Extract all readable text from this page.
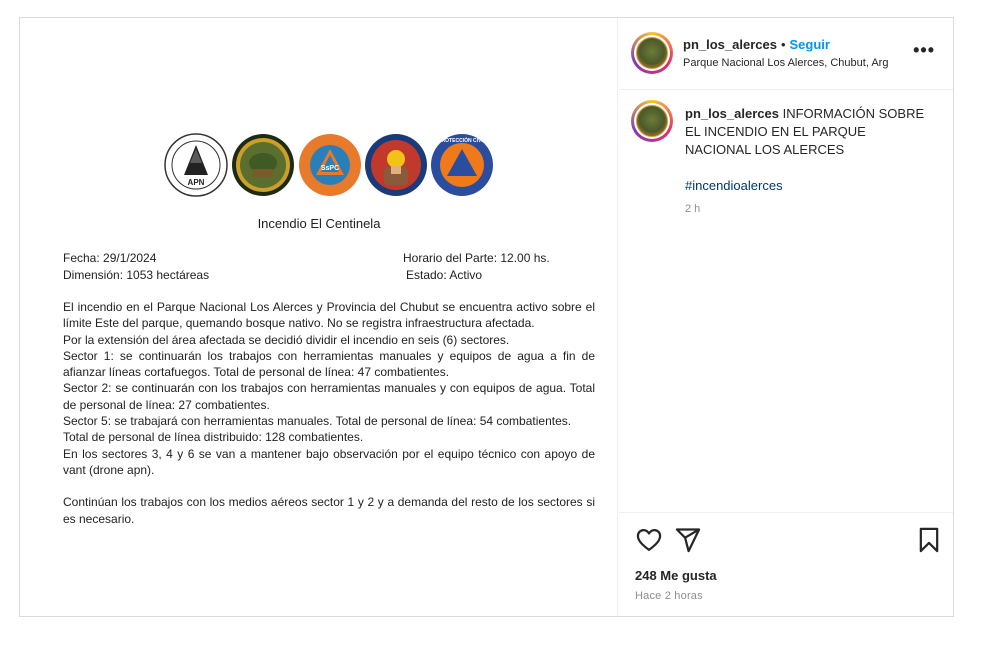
APN
SsPC
PROTECCIÓN CIVIL
Incendio El Centinela
Fecha: 29/1/2024	Horario del Parte: 12.00 hs.
Dimensión: 1053 hectáreas	Estado: Activo

El incendio en el Parque Nacional Los Alerces y Provincia del Chubut se encuentra activo sobre el límite Este del parque, quemando bosque nativo. No se registra infraestructura afectada.

Por la extensión del área afectada se decidió dividir el incendio en seis (6) sectores.

Sector 1: se continuarán los trabajos con herramientas manuales y equipos de agua a fin de afianzar líneas cortafuegos. Total de personal de línea: 47 combatientes.

Sector 2: se continuarán con los trabajos con herramientas manuales y con equipos de agua. Total de personal de línea: 27 combatientes.

Sector 5: se trabajará con herramientas manuales. Total de personal de línea: 54 combatientes.

Total de personal de línea distribuido: 128 combatientes.

En los sectores 3, 4 y 6 se van a mantener bajo observación por el equipo técnico con apoyo de vant (drone apn).

Continúan los trabajos con los medios aéreos sector 1 y 2 y a demanda del resto de los sectores si es necesario.

pn_los_alerces • Seguir
Parque Nacional Los Alerces, Chubut, Arg
•••
pn_los_alerces INFORMACIÓN SOBRE EL INCENDIO EN EL PARQUE NACIONAL LOS ALERCES
#incendioalerces
2 h
248 Me gusta
Hace 2 horas
